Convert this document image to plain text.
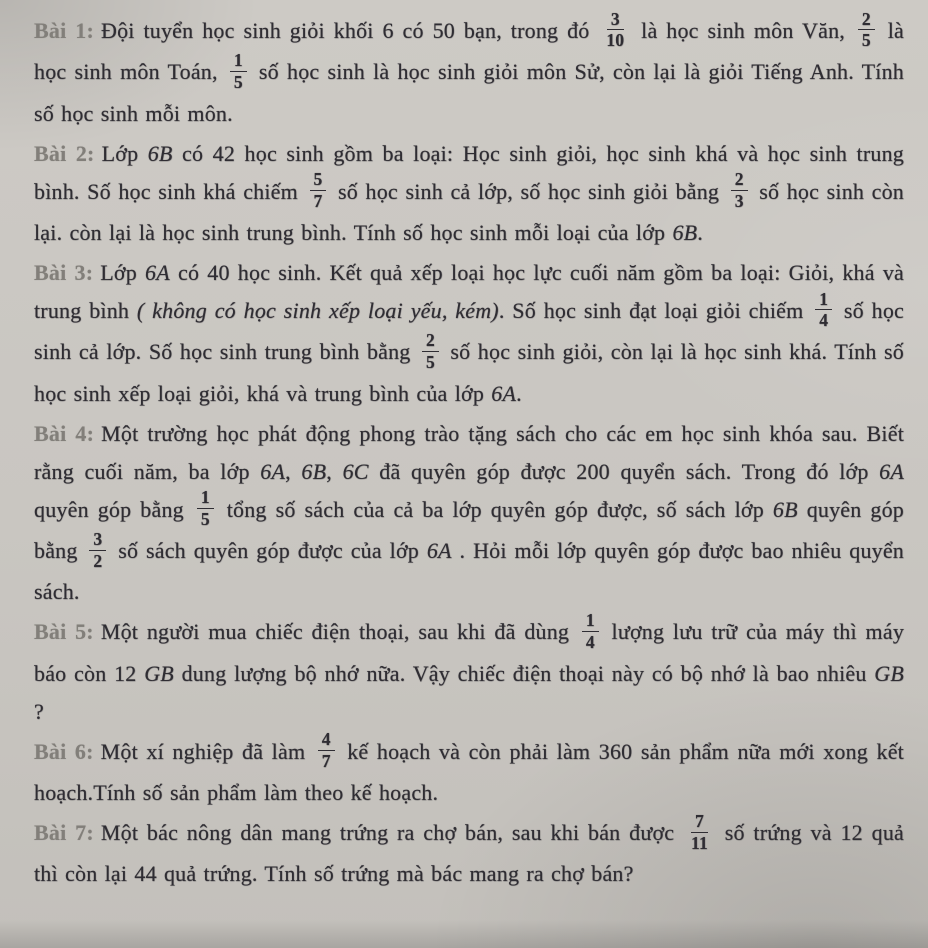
Bài 1: Đội tuyển học sinh giỏi khối 6 có 50 bạn, trong đó $\frac{3}{10}$ là học sinh môn Văn, $\frac{2}{5}$ là học sinh môn Toán, $\frac{1}{5}$ số học sinh là học sinh giỏi môn Sử, còn lại là giỏi Tiếng Anh. Tính số học sinh mỗi môn.

Bài 2: Lớp 6B có 42 học sinh gồm ba loại: Học sinh giỏi, học sinh khá và học sinh trung bình. Số học sinh khá chiếm $\frac{5}{7}$ số học sinh cả lớp, số học sinh giỏi bằng $\frac{2}{3}$ số học sinh còn lại. còn lại là học sinh trung bình. Tính số học sinh mỗi loại của lớp 6B.

Bài 3: Lớp 6A có 40 học sinh. Kết quả xếp loại học lực cuối năm gồm ba loại: Giỏi, khá và trung bình ( không có học sinh xếp loại yếu, kém). Số học sinh đạt loại giỏi chiếm $\frac{1}{4}$ số học sinh cả lớp. Số học sinh trung bình bằng $\frac{2}{5}$ số học sinh giỏi, còn lại là học sinh khá. Tính số học sinh xếp loại giỏi, khá và trung bình của lớp 6A.

Bài 4: Một trường học phát động phong trào tặng sách cho các em học sinh khóa sau. Biết rằng cuối năm, ba lớp 6A, 6B, 6C đã quyên góp được 200 quyển sách. Trong đó lớp 6A quyên góp bằng $\frac{1}{5}$ tổng số sách của cả ba lớp quyên góp được, số sách lớp 6B quyên góp bằng $\frac{3}{2}$ số sách quyên góp được của lớp 6A . Hỏi mỗi lớp quyên góp được bao nhiêu quyển sách.

Bài 5: Một người mua chiếc điện thoại, sau khi đã dùng $\frac{1}{4}$ lượng lưu trữ của máy thì máy báo còn 12 GB dung lượng bộ nhớ nữa. Vậy chiếc điện thoại này có bộ nhớ là bao nhiêu GB ?

Bài 6: Một xí nghiệp đã làm $\frac{4}{7}$ kế hoạch và còn phải làm 360 sản phẩm nữa mới xong kết hoạch.Tính số sản phẩm làm theo kế hoạch.

Bài 7: Một bác nông dân mang trứng ra chợ bán, sau khi bán được $\frac{7}{11}$ số trứng và 12 quả thì còn lại 44 quả trứng. Tính số trứng mà bác mang ra chợ bán?
